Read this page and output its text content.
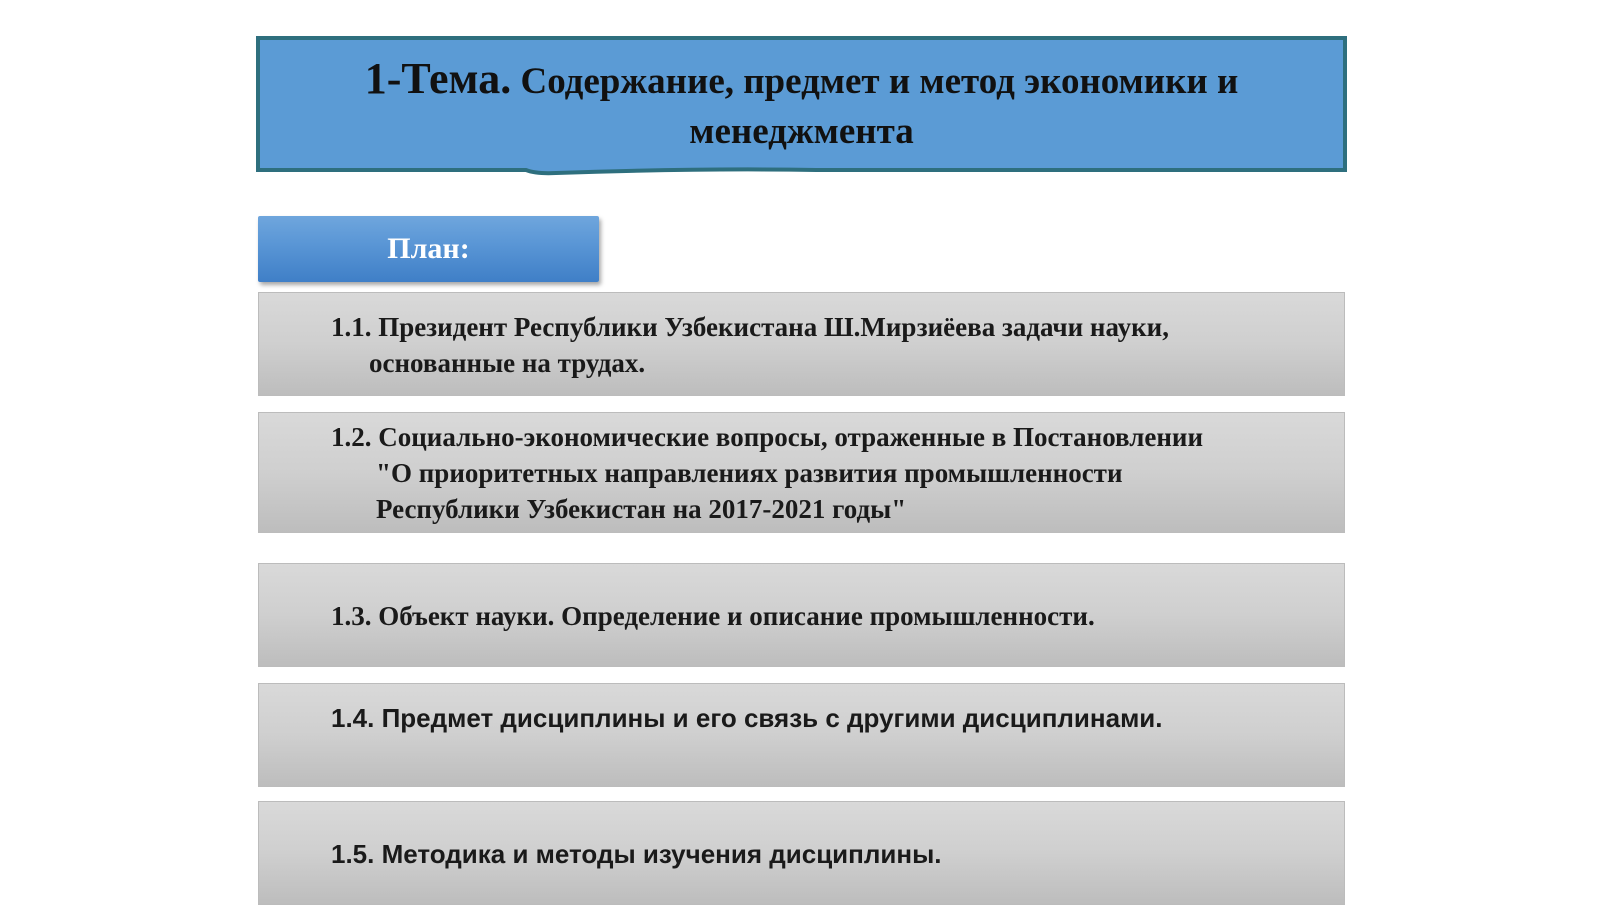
1-Тема. Содержание, предмет и метод экономики и менеджмента
План:
1.1. Президент Республики Узбекистана Ш.Мирзиёева задачи науки,
основанные на трудах.
1.2. Социально-экономические вопросы, отраженные в Постановлении
"О приоритетных направлениях развития промышленности
Республики Узбекистан на 2017-2021 годы"
1.3. Объект науки. Определение и описание промышленности.
1.4. Предмет дисциплины и его связь с другими дисциплинами.
1.5. Методика и методы изучения дисциплины.
